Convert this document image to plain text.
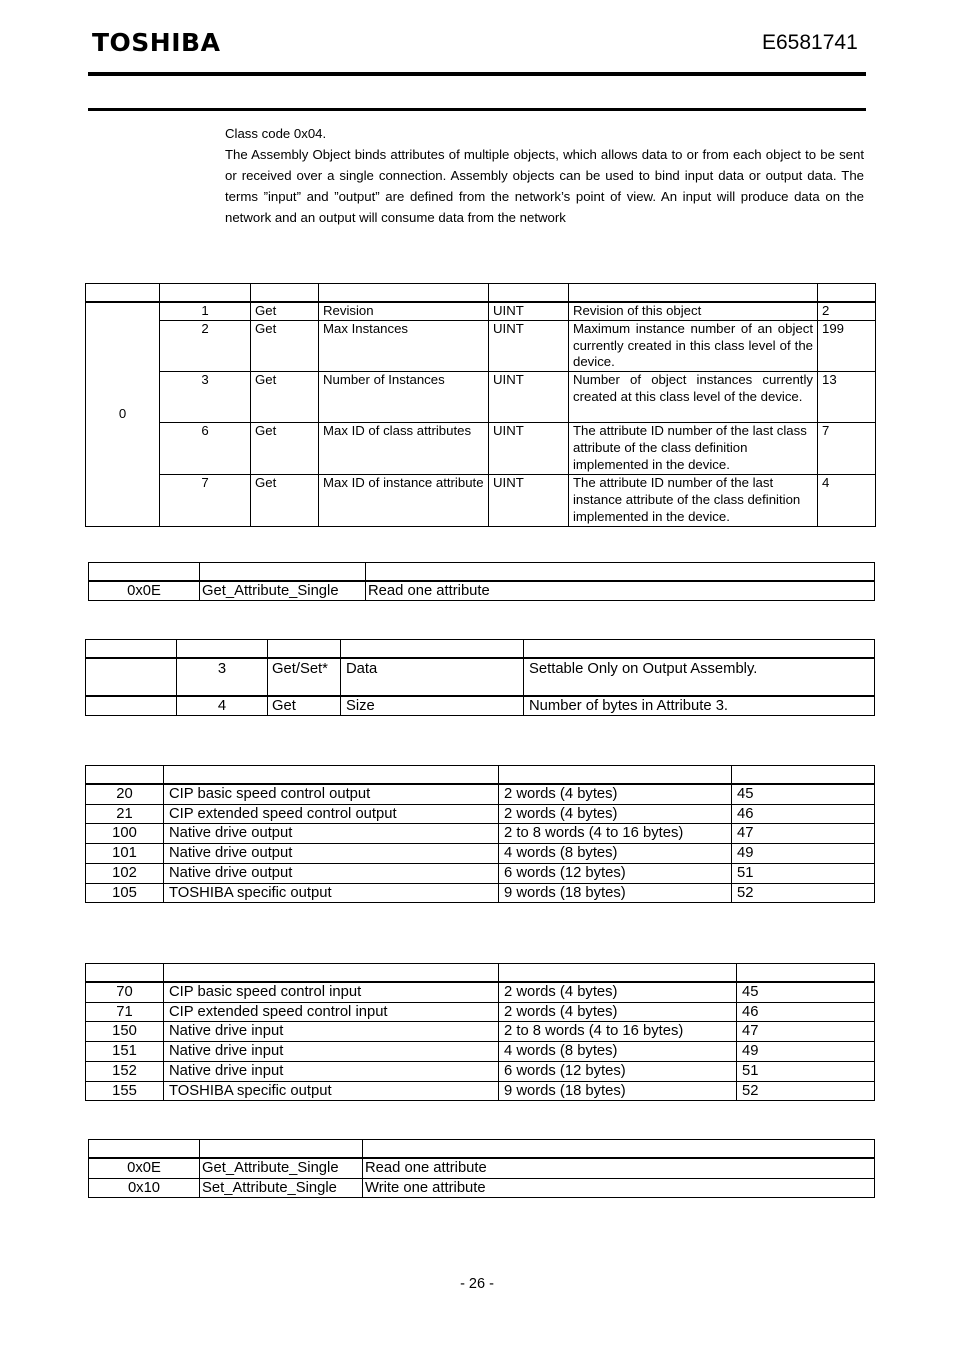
TOSHIBA	E6581741

Class code 0x04.

The Assembly Object binds attributes of multiple objects, which allows data to or from each object to be sent or received over a single connection. Assembly objects can be used to bind input data or output data. The terms ”input” and ”output” are defined from the network’s point of view. An input will produce data on the network and an output will consume data from the network

0	1	Get	Revision	UINT	Revision of this object	2
	2	Get	Max Instances	UINT	Maximum instance number of an object currently created in this class level of the device.	199
	3	Get	Number of Instances	UINT	Number of object instances currently created at this class level of the device.	13
	6	Get	Max ID of class attributes	UINT	The attribute ID number of the last class attribute of the class definition implemented in the device.	7
	7	Get	Max ID of instance attribute	UINT	The attribute ID number of the last instance attribute of the class definition implemented in the device.	4

0x0E	Get_Attribute_Single	Read one attribute

	3	Get/Set*	Data	Settable Only on Output Assembly.
	4	Get	Size	Number of bytes in Attribute 3.

20	CIP basic speed control output	2 words (4 bytes)	45
21	CIP extended speed control output	2 words (4 bytes)	46
100	Native drive output	2 to 8 words (4 to 16 bytes)	47
101	Native drive output	4 words (8 bytes)	49
102	Native drive output	6 words (12 bytes)	51
105	TOSHIBA specific output	9 words (18 bytes)	52

70	CIP basic speed control input	2 words (4 bytes)	45
71	CIP extended speed control input	2 words (4 bytes)	46
150	Native drive input	2 to 8 words (4 to 16 bytes)	47
151	Native drive input	4 words (8 bytes)	49
152	Native drive input	6 words (12 bytes)	51
155	TOSHIBA specific output	9 words (18 bytes)	52

0x0E	Get_Attribute_Single	Read one attribute
0x10	Set_Attribute_Single	Write one attribute
- 26 -
